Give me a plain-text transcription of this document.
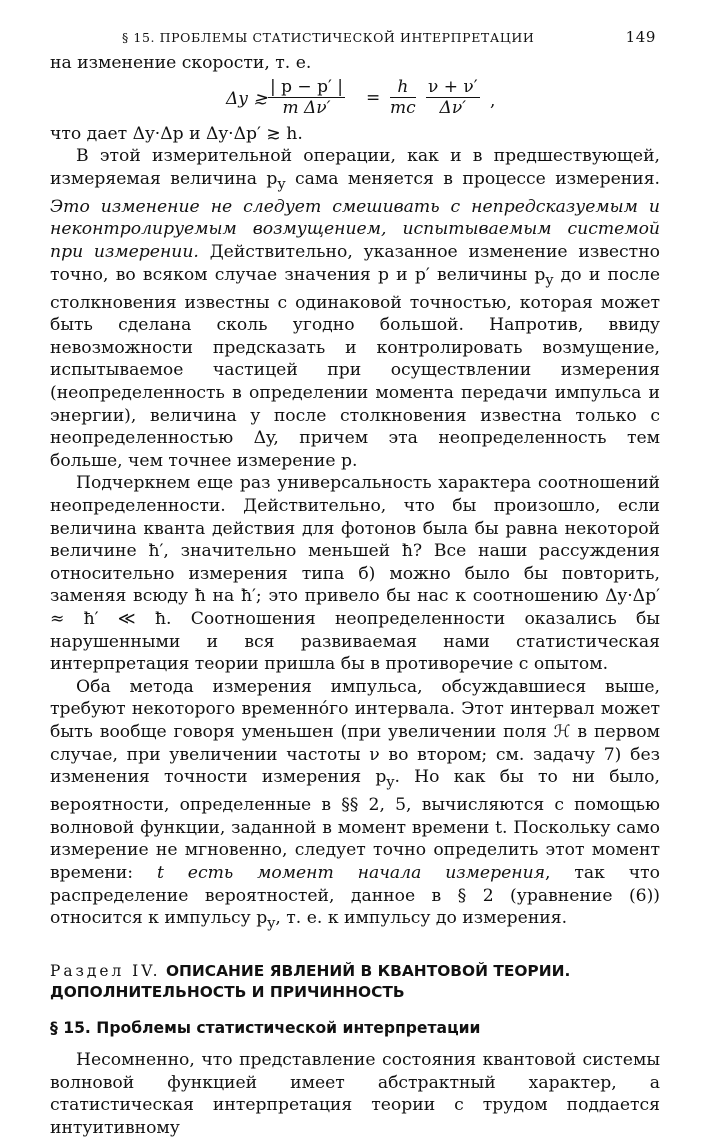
§ 15. ПРОБЛЕМЫ СТАТИСТИЧЕСКОЙ ИНТЕРПРЕТАЦИИ	149

на изменение скорости, т. е.

Δy ≳ $\frac{| p - p' |}{\text{m Δν′}} = \frac{h}{mc} \frac{\nu + \nu'}{\Delta\nu'}$ ,

что дает Δy·Δp и Δy·Δp′ ≳ h.

В этой измерительной операции, как и в предшествующей, измеряемая величина $p_y$ сама меняется в процессе измерения. Это изменение не следует смешивать с непредсказуемым и неконтролируемым возмущением, испытываемым системой при измерении. Действительно, указанное изменение известно точно, во всяком случае значения p и p′ величины $p_y$ до и после столкновения известны с одинаковой точностью, которая может быть сделана сколь угодно большой. Напротив, ввиду невозможности предсказать и контролировать возмущение, испытываемое частицей при осуществлении измерения (неопределенность в определении момента передачи импульса и энергии), величина y после столкновения известна только с неопределенностью Δy, причем эта неопределенность тем больше, чем точнее измерение p.

Подчеркнем еще раз универсальность характера соотношений неопределенности. Действительно, что бы произошло, если величина кванта действия для фотонов была бы равна некоторой величине ħ′, значительно меньшей ħ? Все наши рассуждения относительно измерения типа б) можно было бы повторить, заменяя всюду ħ на ħ′; это привело бы нас к соотношению Δy·Δp′ ≈ ħ′ ≪ ħ. Соотношения неопределенности оказались бы нарушенными и вся развиваемая нами статистическая интерпретация теории пришла бы в противоречие с опытом.

Оба метода измерения импульса, обсуждавшиеся выше, требуют некоторого временнóго интервала. Этот интервал может быть вообще говоря уменьшен (при увеличении поля ℋ в первом случае, при увеличении частоты ν во втором; см. задачу 7) без изменения точности измерения $p_y$. Но как бы то ни было, вероятности, определенные в §§ 2, 5, вычисляются с помощью волновой функции, заданной в момент времени t. Поскольку само измерение не мгновенно, следует точно определить этот момент времени: t есть момент начала измерения, так что распределение вероятностей, данное в § 2 (уравнение (6)) относится к импульсу $p_y$, т. е. к импульсу до измерения.

Раздел IV. ОПИСАНИЕ ЯВЛЕНИЙ В КВАНТОВОЙ ТЕОРИИ. ДОПОЛНИТЕЛЬНОСТЬ И ПРИЧИННОСТЬ
§ 15. Проблемы статистической интерпретации

Несомненно, что представление состояния квантовой системы волновой функцией имеет абстрактный характер, а статистическая интерпретация теории с трудом поддается интуитивному
